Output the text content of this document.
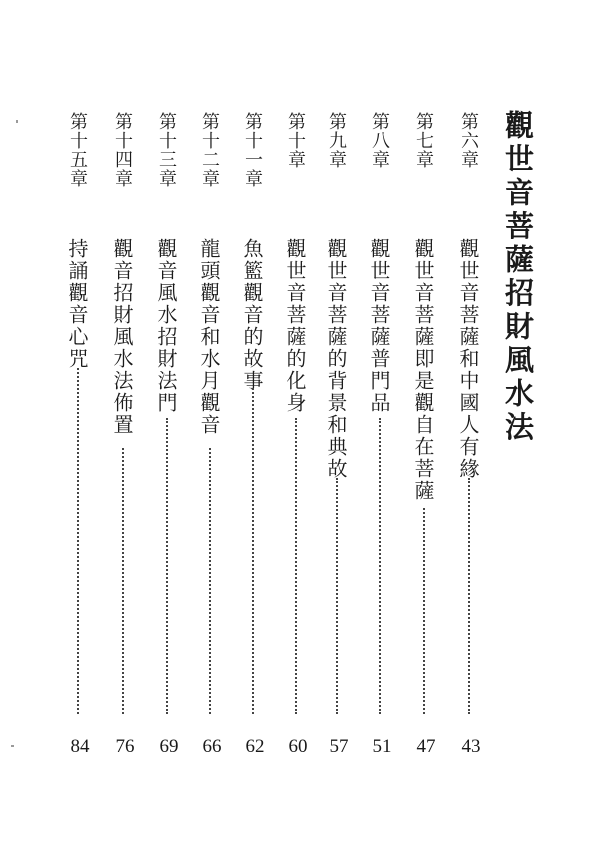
觀世音菩薩招財風水法
第六章
觀世音菩薩和中國人有緣
43
第七章
觀世音菩薩即是觀自在菩薩
47
第八章
觀世音菩薩普門品
51
第九章
觀世音菩薩的背景和典故
57
第十章
觀世音菩薩的化身
60
第十一章
魚籃觀音的故事
62
第十二章
龍頭觀音和水月觀音
66
第十三章
觀音風水招財法門
69
第十四章
觀音招財風水法佈置
76
第十五章
持誦觀音心咒
84
